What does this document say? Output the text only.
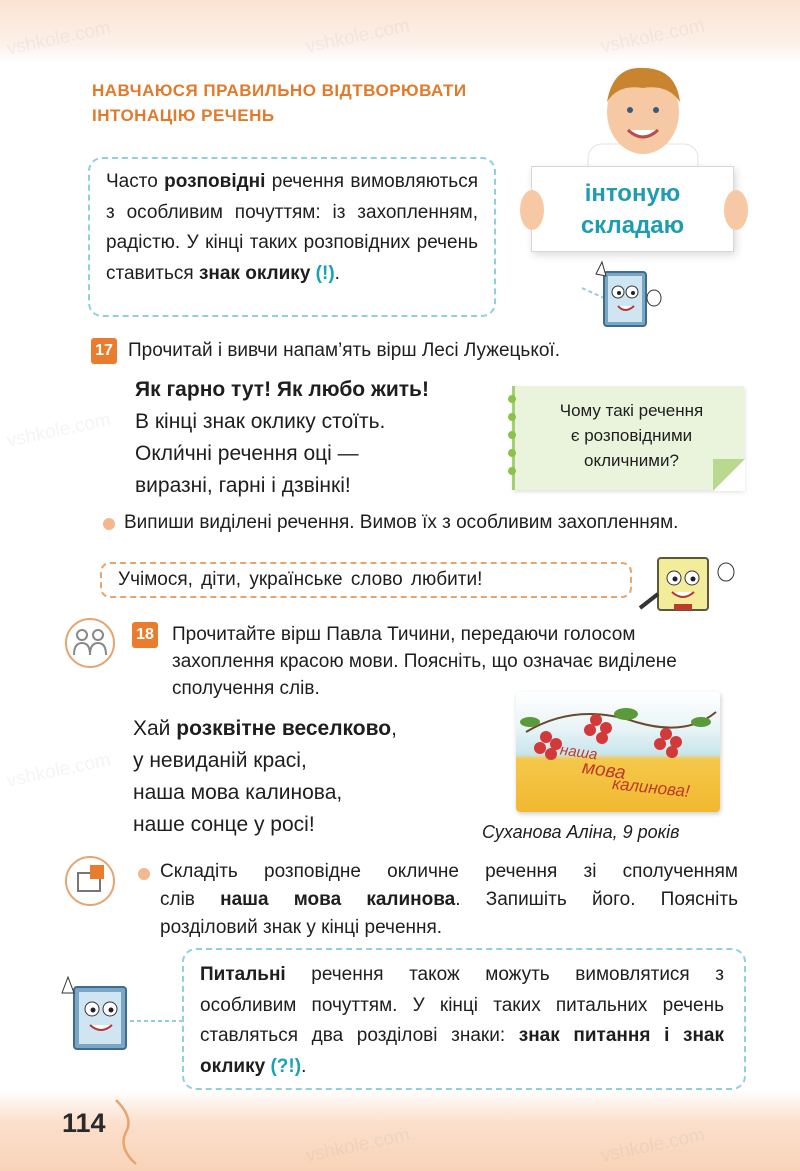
vshkole.com
vshkole.com
НАВЧАЮСЯ ПРАВИЛЬНО ВІДТВОРЮВАТИ
ІНТОНАЦІЮ РЕЧЕНЬ
інтоную
складаю
Часто розповідні речення вимовляються з особливим почуттям: із захопленням, радістю. У кінці таких розповідних речень ставиться знак оклику (!).
17 Прочитай і вивчи напам’ять вірш Лесі Лужецької.
Як гарно тут! Як любо жить!
В кінці знак оклику стоїть.
Окли́чні речення оці —
виразні, гарні і дзвінкі!
Чому такі речення
є розповідними
окличними?
Випиши виділені речення. Вимов їх з особливим захопленням.
Учімося, діти, українське слово любити!
18 Прочитайте вірш Павла Тичини, передаючи голосом
захоплення красою мови. Поясніть, що означає виділене
сполучення слів.
Хай розквітне веселково,
у невиданій красі,
наша мова калинова,
наше сонце у росі!
наша
мова
калинова!
Суханова Аліна, 9 років
Складіть розповідне окличне речення зі сполученням
слів наша мова калинова. Запишіть його. Поясніть
розділовий знак у кінці речення.
Питальні речення також можуть вимовлятися з особливим почуттям. У кінці таких питальних речень ставляться два розділові знаки: знак питання і знак оклику (?!).
114
